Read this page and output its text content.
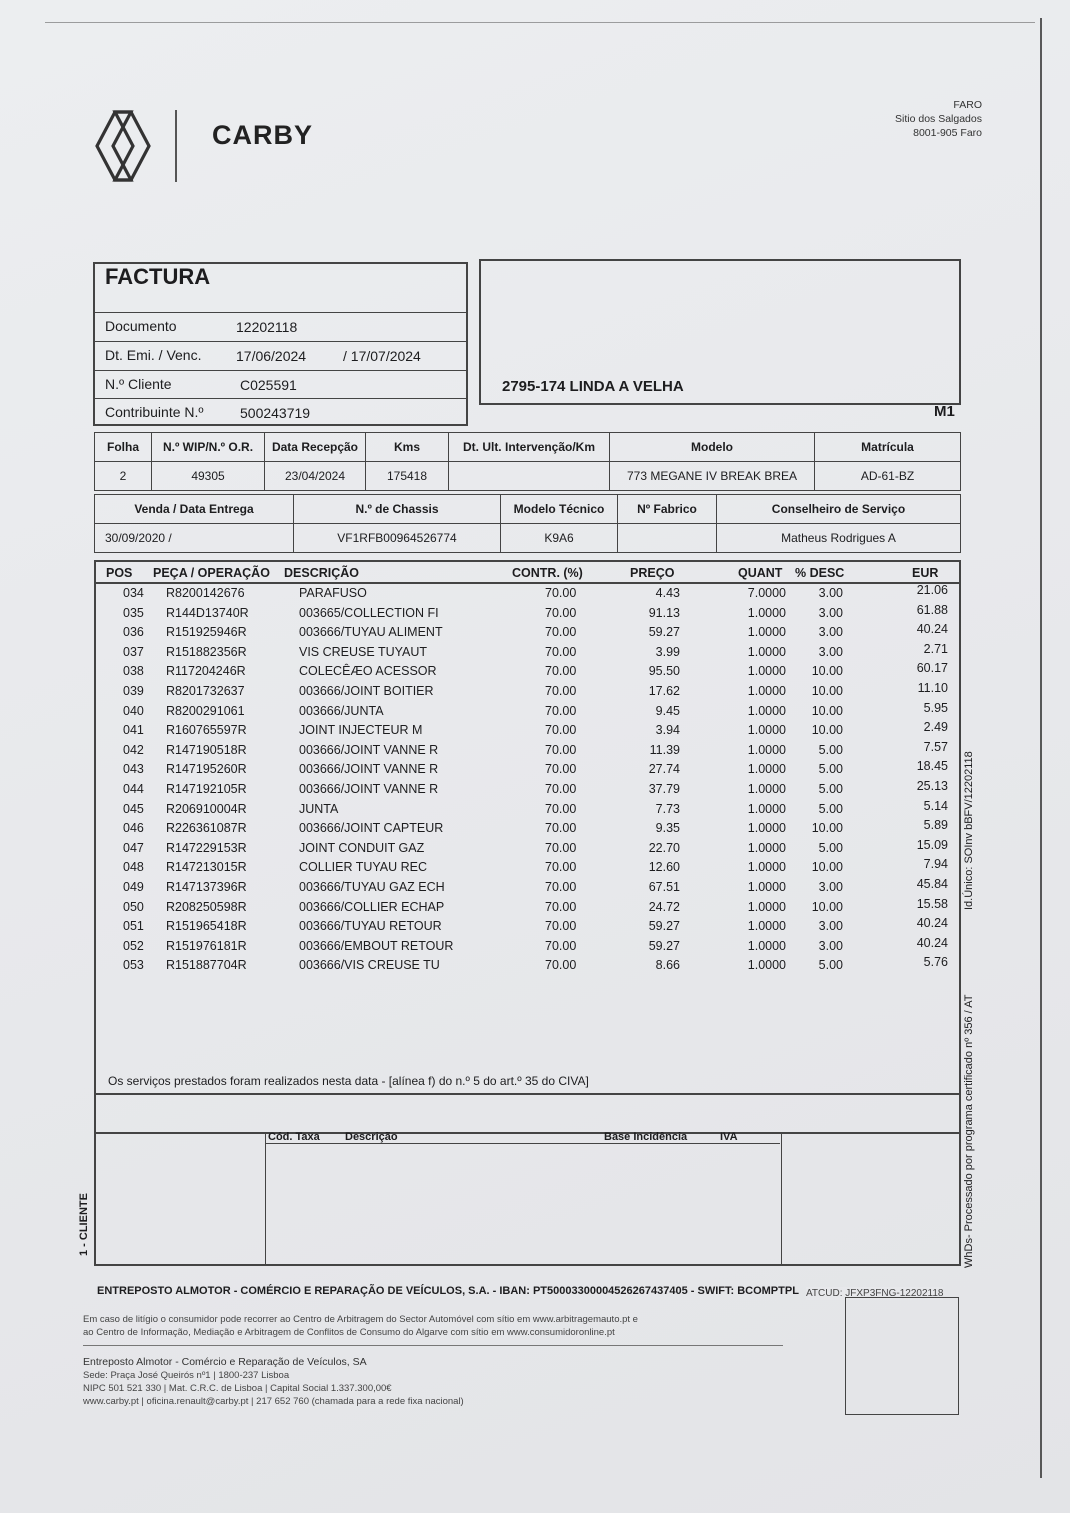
CARBY
FARO
Sitio dos Salgados
8001-905 Faro
FACTURA
Documento	12202118
Dt. Emi. / Venc. 17/06/2024	/ 17/07/2024
N.º Cliente	C025591
Contribuinte N.º	500243719
2795-174 LINDA A VELHA
M1
Folha	N.º WIP/N.º O.R.	Data Recepção	Kms	Dt. Ult. Intervenção/Km	Modelo	Matrícula
2	49305	23/04/2024	175418		773 MEGANE IV BREAK BREA	AD-61-BZ
Venda / Data Entrega	N.º de Chassis	Modelo Técnico	Nº Fabrico	Conselheiro de Serviço
30/09/2020 /	VF1RFB00964526774	K9A6		Matheus Rodrigues A
POS PEÇA / OPERAÇÃO DESCRIÇÃO	CONTR. (%)	PREÇO	QUANT % DESC	EUR
034 R8200142676	PARAFUSO	70.00	4.43	7.0000	3.00	21.06
035 R144D13740R	003665/COLLECTION FI	70.00	91.13	1.0000	3.00	61.88
036 R151925946R	003666/TUYAU ALIMENT	70.00	59.27	1.0000	3.00	40.24
037 R151882356R	VIS CREUSE TUYAUT	70.00	3.99	1.0000	3.00	2.71
038 R117204246R	COLECÊÆO ACESSOR	70.00	95.50	1.0000 10.00	60.17
039 R8201732637	003666/JOINT BOITIER	70.00	17.62	1.0000 10.00	11.10
040 R8200291061	003666/JUNTA	70.00	9.45	1.0000 10.00	5.95
041 R160765597R	JOINT INJECTEUR M	70.00	3.94	1.0000 10.00	2.49
042 R147190518R	003666/JOINT VANNE R	70.00	11.39	1.0000	5.00	7.57
043 R147195260R	003666/JOINT VANNE R	70.00	27.74	1.0000	5.00	18.45
044 R147192105R	003666/JOINT VANNE R	70.00	37.79	1.0000	5.00	25.13
045 R206910004R	JUNTA	70.00	7.73	1.0000	5.00	5.14
046 R226361087R	003666/JOINT CAPTEUR	70.00	9.35	1.0000 10.00	5.89
047 R147229153R	JOINT CONDUIT GAZ	70.00	22.70	1.0000	5.00	15.09
048 R147213015R	COLLIER TUYAU REC	70.00	12.60	1.0000 10.00	7.94
049 R147137396R	003666/TUYAU GAZ ECH	70.00	67.51	1.0000	3.00	45.84
050 R208250598R	003666/COLLIER ECHAP	70.00	24.72	1.0000 10.00	15.58
051 R151965418R	003666/TUYAU RETOUR	70.00	59.27	1.0000	3.00	40.24
052 R151976181R	003666/EMBOUT RETOUR	70.00	59.27	1.0000	3.00	40.24
053 R151887704R	003666/VIS CREUSE TU	70.00	8.66	1.0000	5.00	5.76
Os serviços prestados foram realizados nesta data - [alínea f) do n.º 5 do art.º 35 do CIVA]
Cód. Taxa Descrição	Base Incidência	IVA
Id.Único: SOInv bBFV/12202118
WhDs- Processado por programa certificado nº 356 / AT
1 - CLIENTE
ENTREPOSTO ALMOTOR - COMÉRCIO E REPARAÇÃO DE VEÍCULOS, S.A. - IBAN: PT50003300004526267437405 - SWIFT: BCOMPTPL ATCUD: JFXP3FNG-12202118
Em caso de litígio o consumidor pode recorrer ao Centro de Arbitragem do Sector Automóvel com sítio em www.arbitragemauto.pt e
ao Centro de Informação, Mediação e Arbitragem de Conflitos de Consumo do Algarve com sítio em www.consumidoronline.pt
Entreposto Almotor - Comércio e Reparação de Veículos, SA
Sede: Praça José Queirós nº1 | 1800-237 Lisboa
NIPC 501 521 330 | Mat. C.R.C. de Lisboa | Capital Social 1.337.300,00€
www.carby.pt | oficina.renault@carby.pt | 217 652 760 (chamada para a rede fixa nacional)
